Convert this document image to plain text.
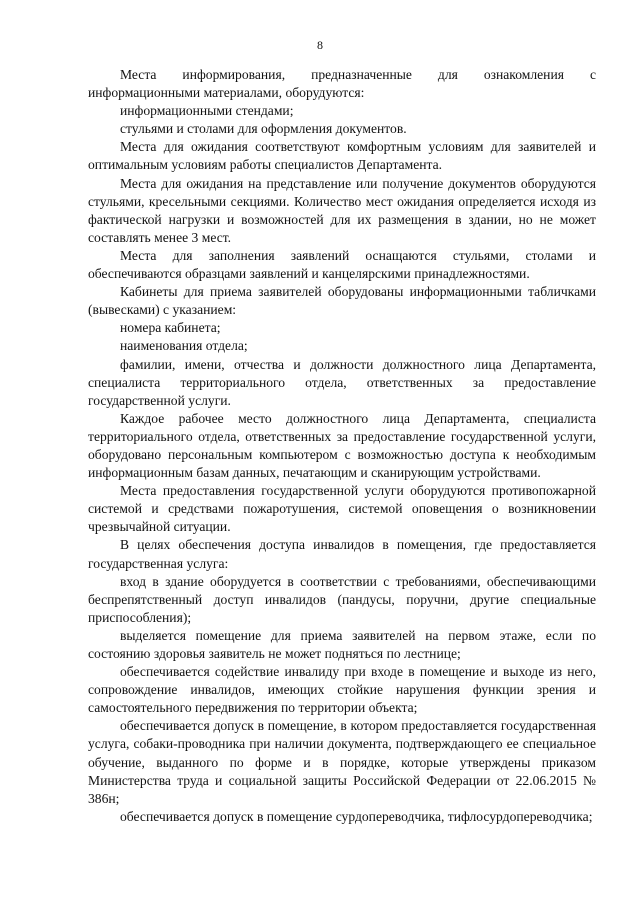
8

Места информирования, предназначенные для ознакомления с информационными материалами, оборудуются:

информационными стендами;

стульями и столами для оформления документов.

Места для ожидания соответствуют комфортным условиям для заявителей и оптимальным условиям работы специалистов Департамента.

Места для ожидания на представление или получение документов оборудуются стульями, кресельными секциями. Количество мест ожидания определяется исходя из фактической нагрузки и возможностей для их размещения в здании, но не может составлять менее 3 мест.

Места для заполнения заявлений оснащаются стульями, столами и обеспечиваются образцами заявлений и канцелярскими принадлежностями.

Кабинеты для приема заявителей оборудованы информационными табличками (вывесками) с указанием:

номера кабинета;

наименования отдела;

фамилии, имени, отчества и должности должностного лица Департамента, специалиста территориального отдела, ответственных за предоставление государственной услуги.

Каждое рабочее место должностного лица Департамента, специалиста территориального отдела, ответственных за предоставление государственной услуги, оборудовано персональным компьютером с возможностью доступа к необходимым информационным базам данных, печатающим и сканирующим устройствами.

Места предоставления государственной услуги оборудуются противопожарной системой и средствами пожаротушения, системой оповещения о возникновении чрезвычайной ситуации.

В целях обеспечения доступа инвалидов в помещения, где предоставляется государственная услуга:

вход в здание оборудуется в соответствии с требованиями, обеспечивающими беспрепятственный доступ инвалидов (пандусы, поручни, другие специальные приспособления);

выделяется помещение для приема заявителей на первом этаже, если по состоянию здоровья заявитель не может подняться по лестнице;

обеспечивается содействие инвалиду при входе в помещение и выходе из него, сопровождение инвалидов, имеющих стойкие нарушения функции зрения и самостоятельного передвижения по территории объекта;

обеспечивается допуск в помещение, в котором предоставляется государственная услуга, собаки-проводника при наличии документа, подтверждающего ее специальное обучение, выданного по форме и в порядке, которые утверждены приказом Министерства труда и социальной защиты Российской Федерации от 22.06.2015 № 386н;

обеспечивается допуск в помещение сурдопереводчика, тифлосурдопереводчика;
